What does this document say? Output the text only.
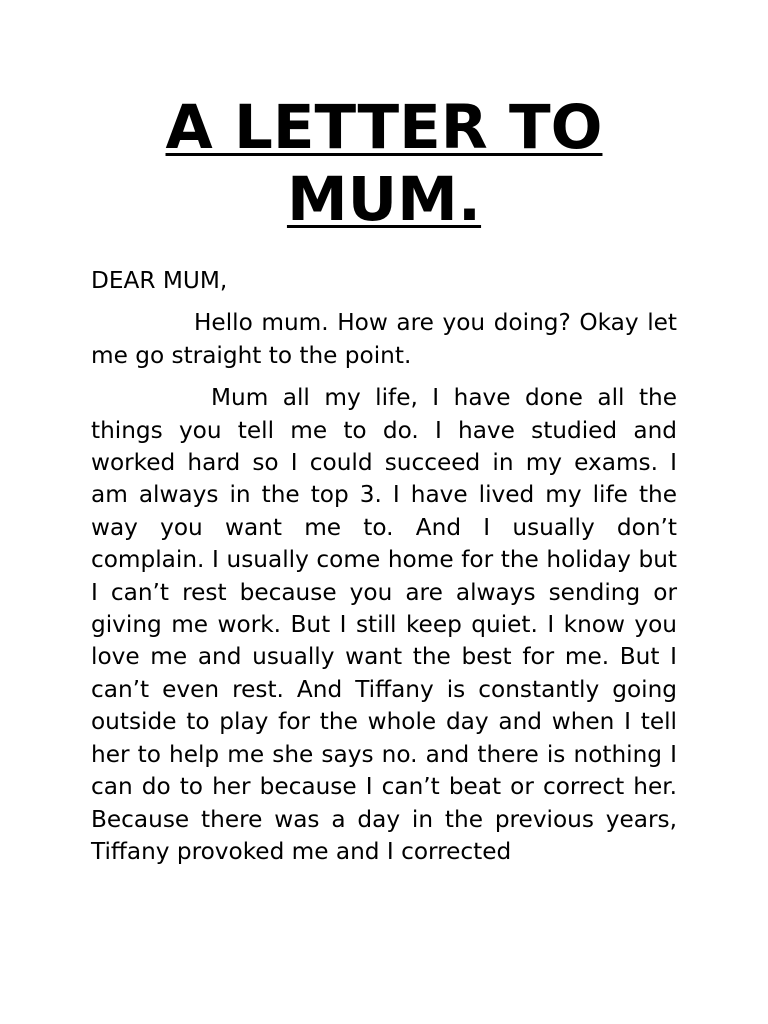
A LETTER TO
MUM.

DEAR MUM,

Hello mum. How are you doing? Okay let me go straight to the point.

Mum all my life, I have done all the things you tell me to do. I have studied and worked hard so I could succeed in my exams. I am always in the top 3. I have lived my life the way you want me to. And I usually don’t complain. I usually come home for the holiday but I can’t rest because you are always sending or giving me work. But I still keep quiet. I know you love me and usually want the best for me. But I can’t even rest. And Tiffany is constantly going outside to play for the whole day and when I tell her to help me she says no. and there is nothing I can do to her because I can’t beat or correct her. Because there was a day in the previous years, Tiffany provoked me and I corrected
